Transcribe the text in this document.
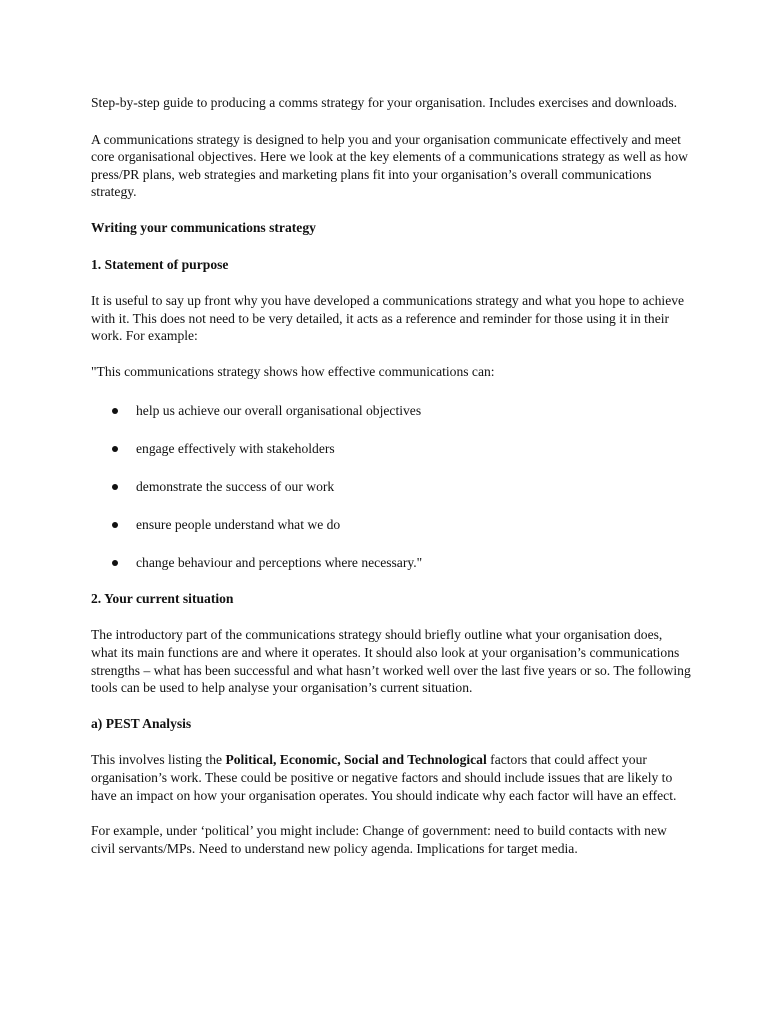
Step-by-step guide to producing a comms strategy for your organisation. Includes exercises and downloads.

A communications strategy is designed to help you and your organisation communicate effectively and meet core organisational objectives. Here we look at the key elements of a communications strategy as well as how press/PR plans, web strategies and marketing plans fit into your organisation’s overall communications strategy.

Writing your communications strategy

1. Statement of purpose

It is useful to say up front why you have developed a communications strategy and what you hope to achieve with it. This does not need to be very detailed, it acts as a reference and reminder for those using it in their work. For example:

"This communications strategy shows how effective communications can:

help us achieve our overall organisational objectives
engage effectively with stakeholders
demonstrate the success of our work
ensure people understand what we do
change behaviour and perceptions where necessary."

2. Your current situation

The introductory part of the communications strategy should briefly outline what your organisation does, what its main functions are and where it operates. It should also look at your organisation’s communications strengths – what has been successful and what hasn’t worked well over the last five years or so. The following tools can be used to help analyse your organisation’s current situation.

a) PEST Analysis

This involves listing the Political, Economic, Social and Technological factors that could affect your organisation’s work. These could be positive or negative factors and should include issues that are likely to have an impact on how your organisation operates. You should indicate why each factor will have an effect.

For example, under ‘political’ you might include: Change of government: need to build contacts with new civil servants/MPs. Need to understand new policy agenda. Implications for target media.
